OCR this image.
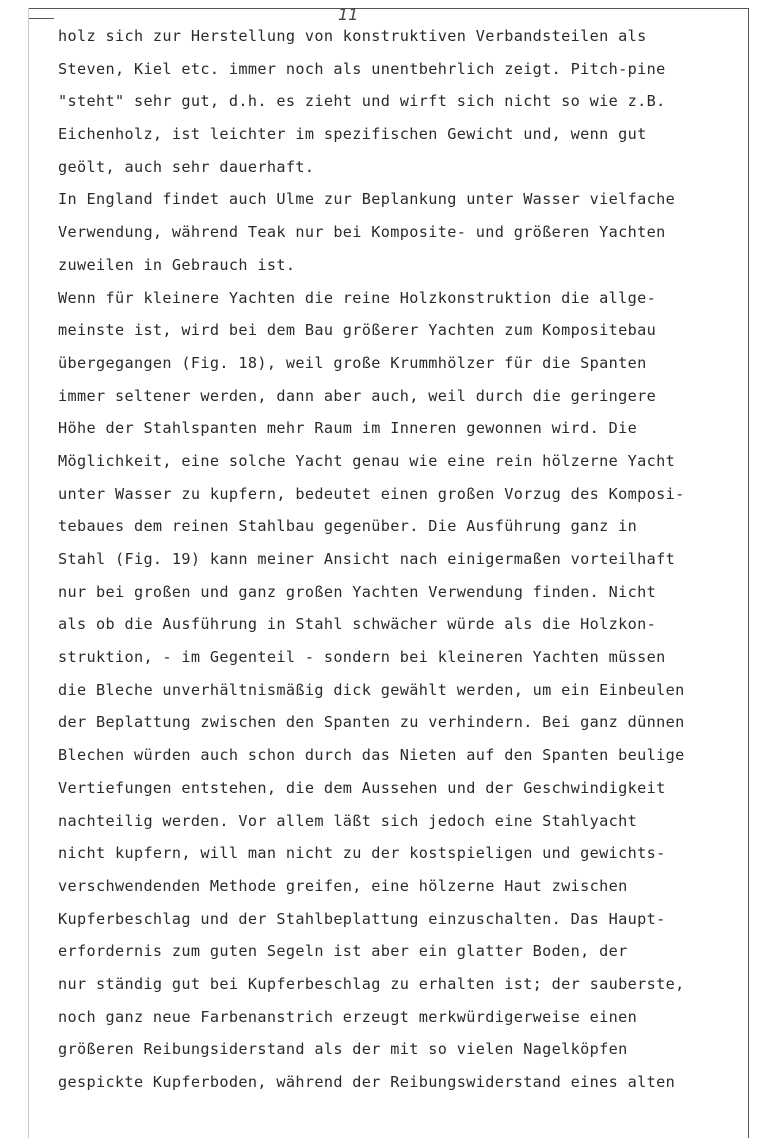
11
holz sich zur Herstellung von konstruktiven Verbandsteilen als
Steven, Kiel etc. immer noch als unentbehrlich zeigt. Pitch-pine
"steht" sehr gut, d.h. es zieht und wirft sich nicht so wie z.B.
Eichenholz, ist leichter im spezifischen Gewicht und, wenn gut
geölt, auch sehr dauerhaft.
In England findet auch Ulme zur Beplankung unter Wasser vielfache
Verwendung, während Teak nur bei Komposite- und größeren Yachten
zuweilen in Gebrauch ist.
Wenn für kleinere Yachten die reine Holzkonstruktion die allge-
meinste ist, wird bei dem Bau größerer Yachten zum Kompositebau
übergegangen (Fig. 18), weil große Krummhölzer für die Spanten
immer seltener werden, dann aber auch, weil durch die geringere
Höhe der Stahlspanten mehr Raum im Inneren gewonnen wird. Die
Möglichkeit, eine solche Yacht genau wie eine rein hölzerne Yacht
unter Wasser zu kupfern, bedeutet einen großen Vorzug des Komposi-
tebaues dem reinen Stahlbau gegenüber. Die Ausführung ganz in
Stahl (Fig. 19) kann meiner Ansicht nach einigermaßen vorteilhaft
nur bei großen und ganz großen Yachten Verwendung finden. Nicht
als ob die Ausführung in Stahl schwächer würde als die Holzkon-
struktion, - im Gegenteil - sondern bei kleineren Yachten müssen
die Bleche unverhältnismäßig dick gewählt werden, um ein Einbeulen
der Beplattung zwischen den Spanten zu verhindern. Bei ganz dünnen
Blechen würden auch schon durch das Nieten auf den Spanten beulige
Vertiefungen entstehen, die dem Aussehen und der Geschwindigkeit
nachteilig werden. Vor allem läßt sich jedoch eine Stahlyacht
nicht kupfern, will man nicht zu der kostspieligen und gewichts-
verschwendenden Methode greifen, eine hölzerne Haut zwischen
Kupferbeschlag und der Stahlbeplattung einzuschalten. Das Haupt-
erfordernis zum guten Segeln ist aber ein glatter Boden, der
nur ständig gut bei Kupferbeschlag zu erhalten ist; der sauberste,
noch ganz neue Farbenanstrich erzeugt merkwürdigerweise einen
größeren Reibungsiderstand als der mit so vielen Nagelköpfen
gespickte Kupferboden, während der Reibungswiderstand eines alten
